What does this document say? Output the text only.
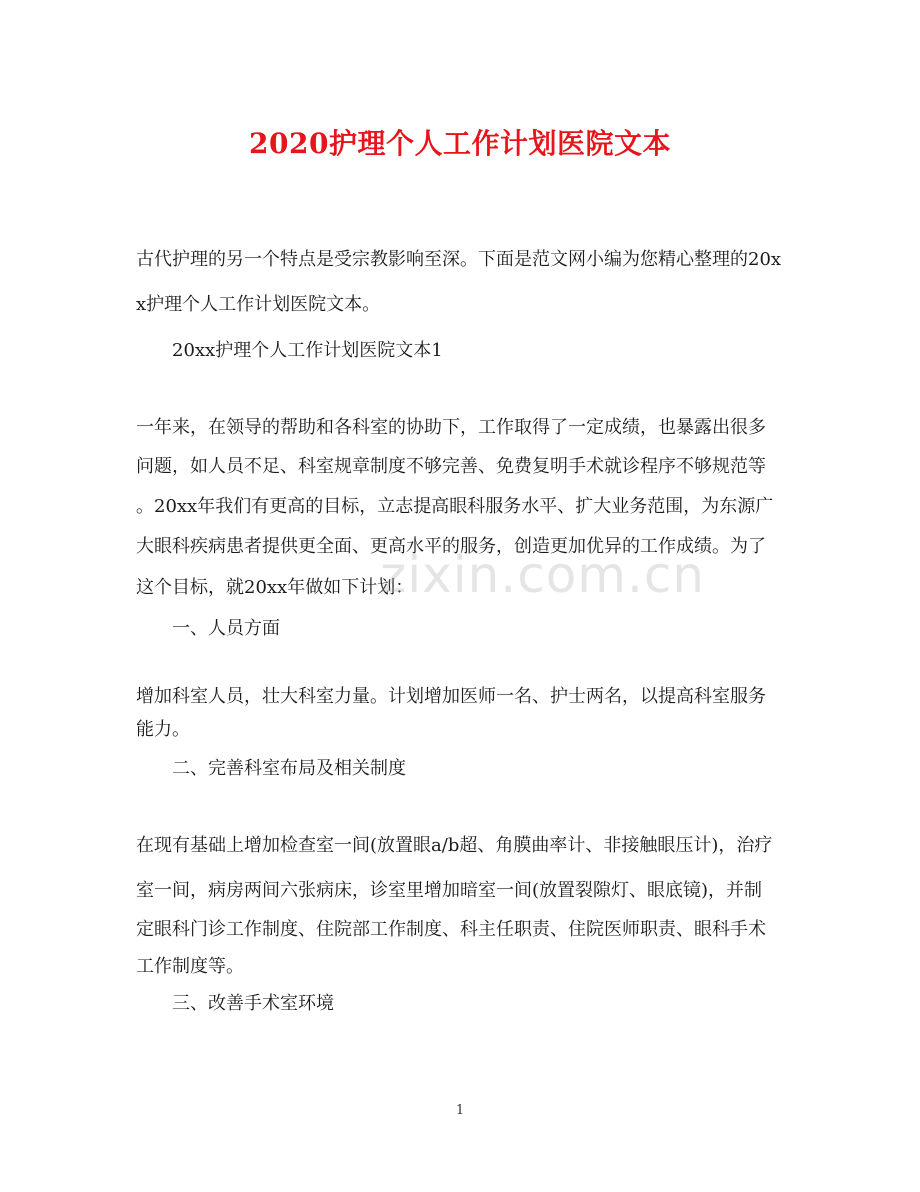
2020护理个人工作计划医院文本
古代护理的另一个特点是受宗教影响至深。下面是范文网小编为您精心整理的20x
x护理个人工作计划医院文本。
20xx护理个人工作计划医院文本1
一年来，在领导的帮助和各科室的协助下，工作取得了一定成绩，也暴露出很多
问题，如人员不足、科室规章制度不够完善、免费复明手术就诊程序不够规范等
。20xx年我们有更高的目标，立志提高眼科服务水平、扩大业务范围，为东源广
大眼科疾病患者提供更全面、更高水平的服务，创造更加优异的工作成绩。为了
这个目标，就20xx年做如下计划：
一、人员方面
增加科室人员，壮大科室力量。计划增加医师一名、护士两名，以提高科室服务
能力。
二、完善科室布局及相关制度
在现有基础上增加检查室一间(放置眼a/b超、角膜曲率计、非接触眼压计)，治疗
室一间，病房两间六张病床，诊室里增加暗室一间(放置裂隙灯、眼底镜)，并制
定眼科门诊工作制度、住院部工作制度、科主任职责、住院医师职责、眼科手术
工作制度等。
三、改善手术室环境
zixin.com.cn
1
